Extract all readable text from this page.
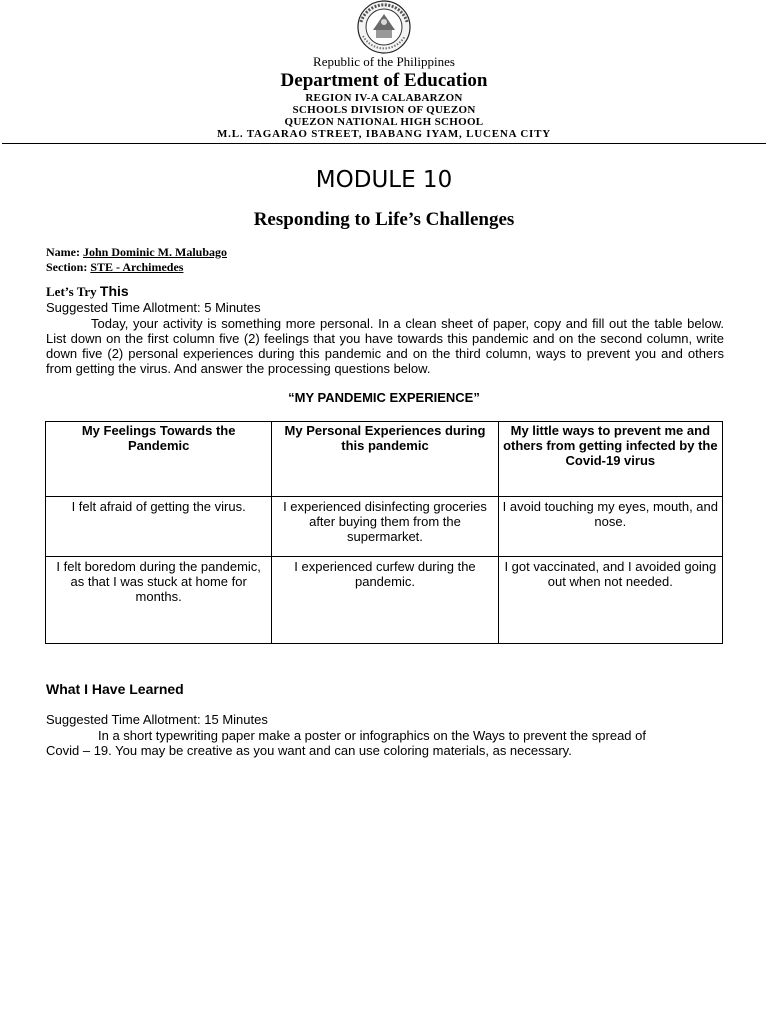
Republic of the Philippines
Department of Education
REGION IV-A CALABARZON
SCHOOLS DIVISION OF QUEZON
QUEZON NATIONAL HIGH SCHOOL
M.L. TAGARAO STREET, IBABANG IYAM, LUCENA CITY
MODULE 10
Responding to Life’s Challenges
Name: John Dominic M. Malubago
Section: STE - Archimedes
Let’s Try This
Suggested Time Allotment: 5 Minutes
Today, your activity is something more personal. In a clean sheet of paper, copy and fill out the table below. List down on the first column five (2) feelings that you have towards this pandemic and on the second column, write down five (2) personal experiences during this pandemic and on the third column, ways to prevent you and others from getting the virus. And answer the processing questions below.
“MY PANDEMIC EXPERIENCE”
My Feelings Towards the Pandemic	My Personal Experiences during this pandemic	My little ways to prevent me and others from getting infected by the Covid-19 virus
I felt afraid of getting the virus.	I experienced disinfecting groceries after buying them from the supermarket.	I avoid touching my eyes, mouth, and nose.
I felt boredom during the pandemic, as that I was stuck at home for months.	I experienced curfew during the pandemic.	I got vaccinated, and I avoided going out when not needed.
What I Have Learned
Suggested Time Allotment: 15 Minutes
In a short typewriting paper make a poster or infographics on the Ways to prevent the spread of Covid – 19. You may be creative as you want and can use coloring materials, as necessary.
